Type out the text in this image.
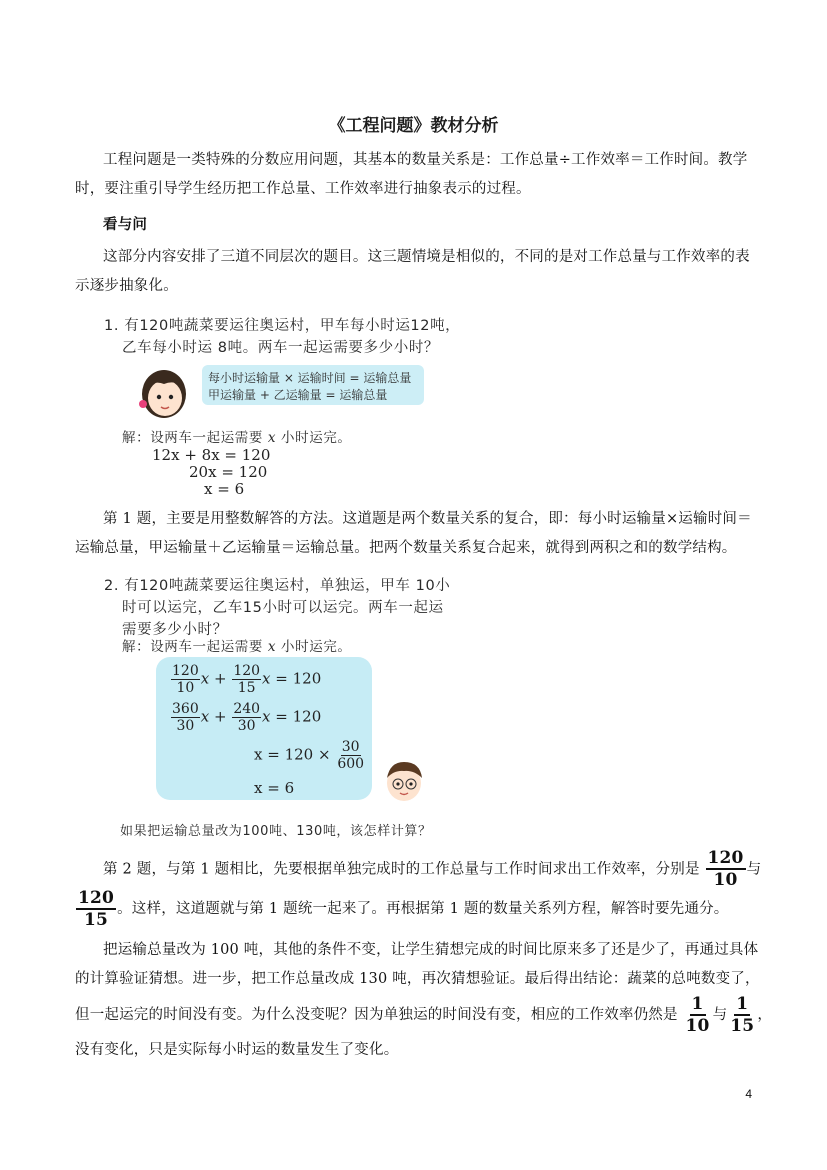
《工程问题》教材分析
工程问题是一类特殊的分数应用问题，其基本的数量关系是：工作总量÷工作效率＝工作时间。教学
时，要注重引导学生经历把工作总量、工作效率进行抽象表示的过程。
看与问
这部分内容安排了三道不同层次的题目。这三题情境是相似的，不同的是对工作总量与工作效率的表
示逐步抽象化。
1. 有120吨蔬菜要运往奥运村，甲车每小时运12吨，
乙车每小时运 8吨。两车一起运需要多少小时？
每小时运输量 × 运输时间 = 运输总量
甲运输量 + 乙运输量 = 运输总量
解：设两车一起运需要 x 小时运完。
12x + 8x = 120
20x = 120
x = 6
第 1 题，主要是用整数解答的方法。这道题是两个数量关系的复合，即：每小时运输量×运输时间＝
运输总量，甲运输量＋乙运输量＝运输总量。把两个数量关系复合起来，就得到两积之和的数学结构。
2. 有120吨蔬菜要运往奥运村，单独运，甲车 10小
时可以运完，乙车15小时可以运完。两车一起运
需要多少小时？
解：设两车一起运需要 x 小时运完。
$\frac{120}{10}$ $x + \frac{120}{15}$ x = 120
$\frac{360}{30}$ $x + \frac{240}{30}$ x = 120
$x = 120 \times \frac{30}{600}$
x = 6
如果把运输总量改为100吨、130吨，该怎样计算？
第 2 题，与第 1 题相比，先要根据单独完成时的工作总量与工作时间求出工作效率，分别是 $\frac{120}{10}$ 与
$\frac{120}{15}$ 。这样，这道题就与第 1 题统一起来了。再根据第 1 题的数量关系列方程，解答时要先通分。
把运输总量改为 100 吨，其他的条件不变，让学生猜想完成的时间比原来多了还是少了，再通过具体
的计算验证猜想。进一步，把工作总量改成 130 吨，再次猜想验证。最后得出结论：蔬菜的总吨数变了，
但一起运完的时间没有变。为什么没变呢？因为单独运的时间没有变，相应的工作效率仍然是 $\frac{1}{10}$ 与 $\frac{1}{15}$ ，
没有变化，只是实际每小时运的数量发生了变化。
4
